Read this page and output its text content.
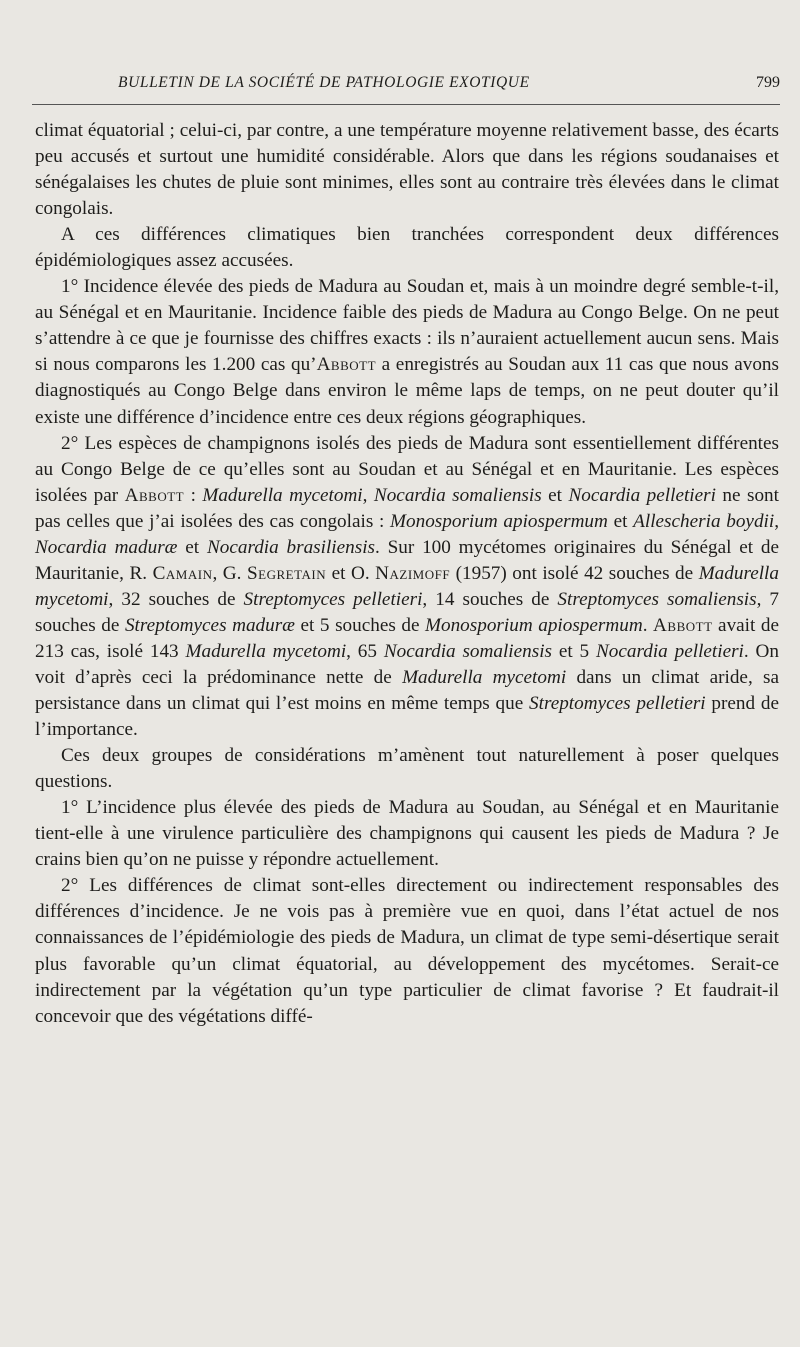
BULLETIN DE LA SOCIÉTÉ DE PATHOLOGIE EXOTIQUE	799

climat équatorial ; celui-ci, par contre, a une température moyenne relativement basse, des écarts peu accusés et surtout une humidité considérable. Alors que dans les régions soudanaises et sénégalaises les chutes de pluie sont minimes, elles sont au contraire très élevées dans le climat congolais.

A ces différences climatiques bien tranchées correspondent deux différences épidémiologiques assez accusées.

1° Incidence élevée des pieds de Madura au Soudan et, mais à un moindre degré semble-t-il, au Sénégal et en Mauritanie. Incidence faible des pieds de Madura au Congo Belge. On ne peut s’attendre à ce que je fournisse des chiffres exacts : ils n’auraient actuellement aucun sens. Mais si nous comparons les 1.200 cas qu’Abbott a enregistrés au Soudan aux 11 cas que nous avons diagnostiqués au Congo Belge dans environ le même laps de temps, on ne peut douter qu’il existe une différence d’incidence entre ces deux régions géographiques.

2° Les espèces de champignons isolés des pieds de Madura sont essentiellement différentes au Congo Belge de ce qu’elles sont au Soudan et au Sénégal et en Mauritanie. Les espèces isolées par Abbott : Madurella mycetomi, Nocardia somaliensis et Nocardia pelletieri ne sont pas celles que j’ai isolées des cas congolais : Monosporium apiospermum et Allescheria boydii, Nocardia maduræ et Nocardia brasiliensis. Sur 100 mycétomes originaires du Sénégal et de Mauritanie, R. Camain, G. Segretain et O. Nazimoff (1957) ont isolé 42 souches de Madurella mycetomi, 32 souches de Streptomyces pelletieri, 14 souches de Streptomyces somaliensis, 7 souches de Streptomyces maduræ et 5 souches de Monosporium apiospermum. Abbott avait de 213 cas, isolé 143 Madurella mycetomi, 65 Nocardia somaliensis et 5 Nocardia pelletieri. On voit d’après ceci la prédominance nette de Madurella mycetomi dans un climat aride, sa persistance dans un climat qui l’est moins en même temps que Streptomyces pelletieri prend de l’importance.

Ces deux groupes de considérations m’amènent tout naturellement à poser quelques questions.

1° L’incidence plus élevée des pieds de Madura au Soudan, au Sénégal et en Mauritanie tient-elle à une virulence particulière des champignons qui causent les pieds de Madura ? Je crains bien qu’on ne puisse y répondre actuellement.

2° Les différences de climat sont-elles directement ou indirectement responsables des différences d’incidence. Je ne vois pas à première vue en quoi, dans l’état actuel de nos connaissances de l’épidémiologie des pieds de Madura, un climat de type semi-désertique serait plus favorable qu’un climat équatorial, au développement des mycétomes. Serait-ce indirectement par la végétation qu’un type particulier de climat favorise ? Et faudrait-il concevoir que des végétations diffé-
